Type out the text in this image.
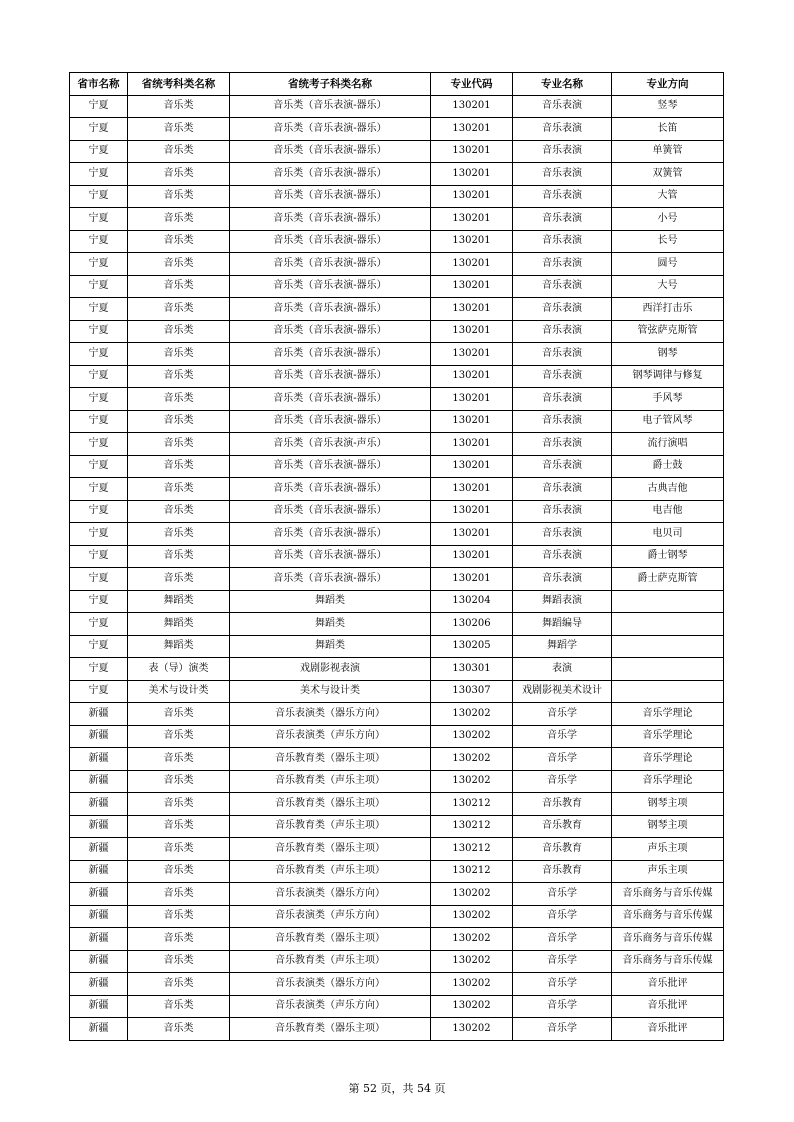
省市名称	省统考科类名称	省统考子科类名称	专业代码	专业名称	专业方向
宁夏	音乐类	音乐类（音乐表演-器乐）	130201	音乐表演	竖琴
宁夏	音乐类	音乐类（音乐表演-器乐）	130201	音乐表演	长笛
宁夏	音乐类	音乐类（音乐表演-器乐）	130201	音乐表演	单簧管
宁夏	音乐类	音乐类（音乐表演-器乐）	130201	音乐表演	双簧管
宁夏	音乐类	音乐类（音乐表演-器乐）	130201	音乐表演	大管
宁夏	音乐类	音乐类（音乐表演-器乐）	130201	音乐表演	小号
宁夏	音乐类	音乐类（音乐表演-器乐）	130201	音乐表演	长号
宁夏	音乐类	音乐类（音乐表演-器乐）	130201	音乐表演	圆号
宁夏	音乐类	音乐类（音乐表演-器乐）	130201	音乐表演	大号
宁夏	音乐类	音乐类（音乐表演-器乐）	130201	音乐表演	西洋打击乐
宁夏	音乐类	音乐类（音乐表演-器乐）	130201	音乐表演	管弦萨克斯管
宁夏	音乐类	音乐类（音乐表演-器乐）	130201	音乐表演	钢琴
宁夏	音乐类	音乐类（音乐表演-器乐）	130201	音乐表演	钢琴调律与修复
宁夏	音乐类	音乐类（音乐表演-器乐）	130201	音乐表演	手风琴
宁夏	音乐类	音乐类（音乐表演-器乐）	130201	音乐表演	电子管风琴
宁夏	音乐类	音乐类（音乐表演-声乐）	130201	音乐表演	流行演唱
宁夏	音乐类	音乐类（音乐表演-器乐）	130201	音乐表演	爵士鼓
宁夏	音乐类	音乐类（音乐表演-器乐）	130201	音乐表演	古典吉他
宁夏	音乐类	音乐类（音乐表演-器乐）	130201	音乐表演	电吉他
宁夏	音乐类	音乐类（音乐表演-器乐）	130201	音乐表演	电贝司
宁夏	音乐类	音乐类（音乐表演-器乐）	130201	音乐表演	爵士钢琴
宁夏	音乐类	音乐类（音乐表演-器乐）	130201	音乐表演	爵士萨克斯管
宁夏	舞蹈类	舞蹈类	130204	舞蹈表演	
宁夏	舞蹈类	舞蹈类	130206	舞蹈编导	
宁夏	舞蹈类	舞蹈类	130205	舞蹈学	
宁夏	表（导）演类	戏剧影视表演	130301	表演	
宁夏	美术与设计类	美术与设计类	130307	戏剧影视美术设计	
新疆	音乐类	音乐表演类（器乐方向）	130202	音乐学	音乐学理论
新疆	音乐类	音乐表演类（声乐方向）	130202	音乐学	音乐学理论
新疆	音乐类	音乐教育类（器乐主项）	130202	音乐学	音乐学理论
新疆	音乐类	音乐教育类（声乐主项）	130202	音乐学	音乐学理论
新疆	音乐类	音乐教育类（器乐主项）	130212	音乐教育	钢琴主项
新疆	音乐类	音乐教育类（声乐主项）	130212	音乐教育	钢琴主项
新疆	音乐类	音乐教育类（器乐主项）	130212	音乐教育	声乐主项
新疆	音乐类	音乐教育类（声乐主项）	130212	音乐教育	声乐主项
新疆	音乐类	音乐表演类（器乐方向）	130202	音乐学	音乐商务与音乐传媒
新疆	音乐类	音乐表演类（声乐方向）	130202	音乐学	音乐商务与音乐传媒
新疆	音乐类	音乐教育类（器乐主项）	130202	音乐学	音乐商务与音乐传媒
新疆	音乐类	音乐教育类（声乐主项）	130202	音乐学	音乐商务与音乐传媒
新疆	音乐类	音乐表演类（器乐方向）	130202	音乐学	音乐批评
新疆	音乐类	音乐表演类（声乐方向）	130202	音乐学	音乐批评
新疆	音乐类	音乐教育类（器乐主项）	130202	音乐学	音乐批评
第 52 页，共 54 页
